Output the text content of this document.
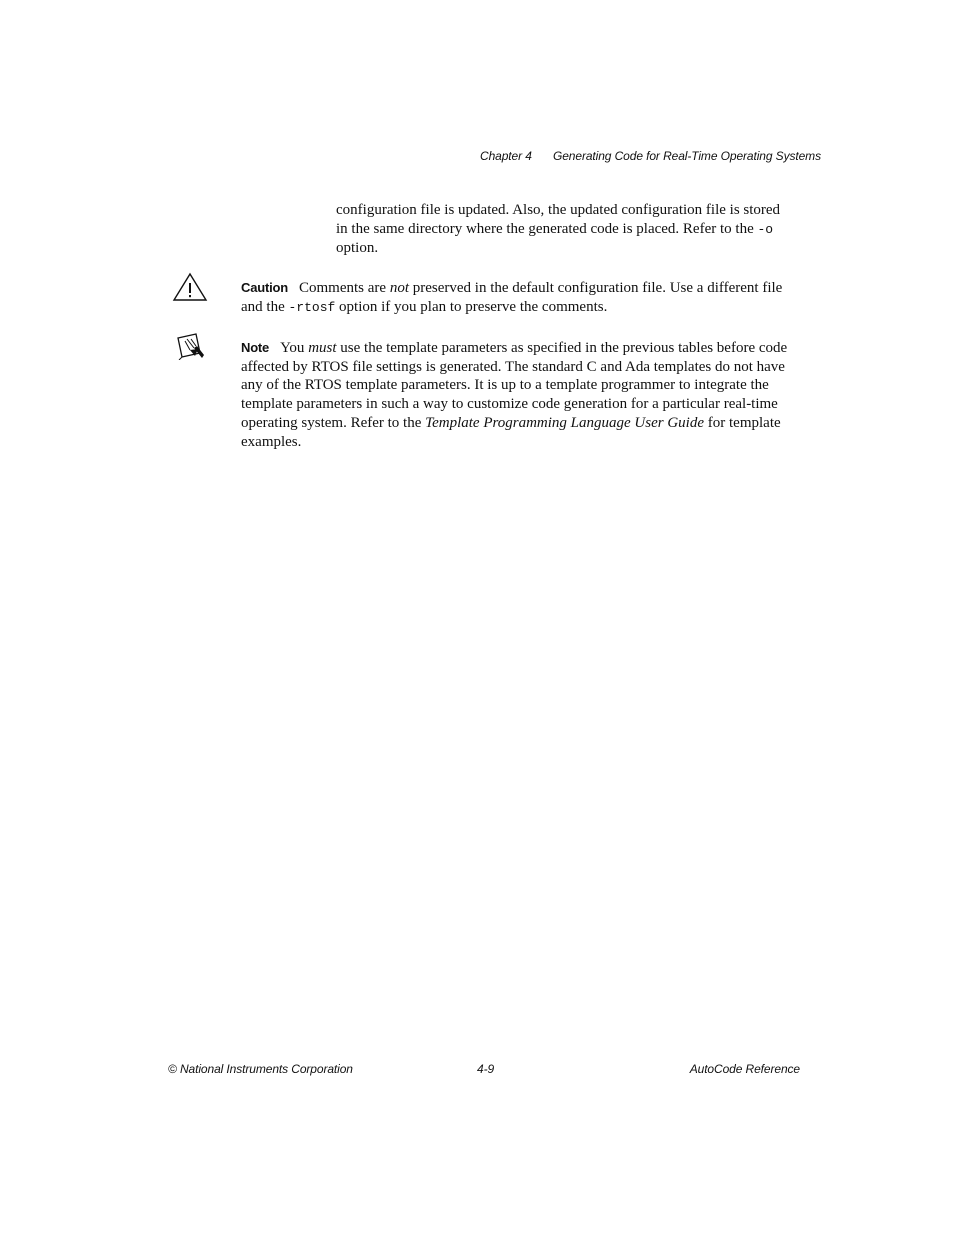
Chapter 4 Generating Code for Real-Time Operating Systems
configuration file is updated. Also, the updated configuration file is stored
in the same directory where the generated code is placed. Refer to the -o
option.
Caution Comments are not preserved in the default configuration file. Use a different file
and the -rtosf option if you plan to preserve the comments.
Note You must use the template parameters as specified in the previous tables before code
affected by RTOS file settings is generated. The standard C and Ada templates do not have
any of the RTOS template parameters. It is up to a template programmer to integrate the
template parameters in such a way to customize code generation for a particular real-time
operating system. Refer to the Template Programming Language User Guide for template
examples.
© National Instruments Corporation	4-9	AutoCode Reference
